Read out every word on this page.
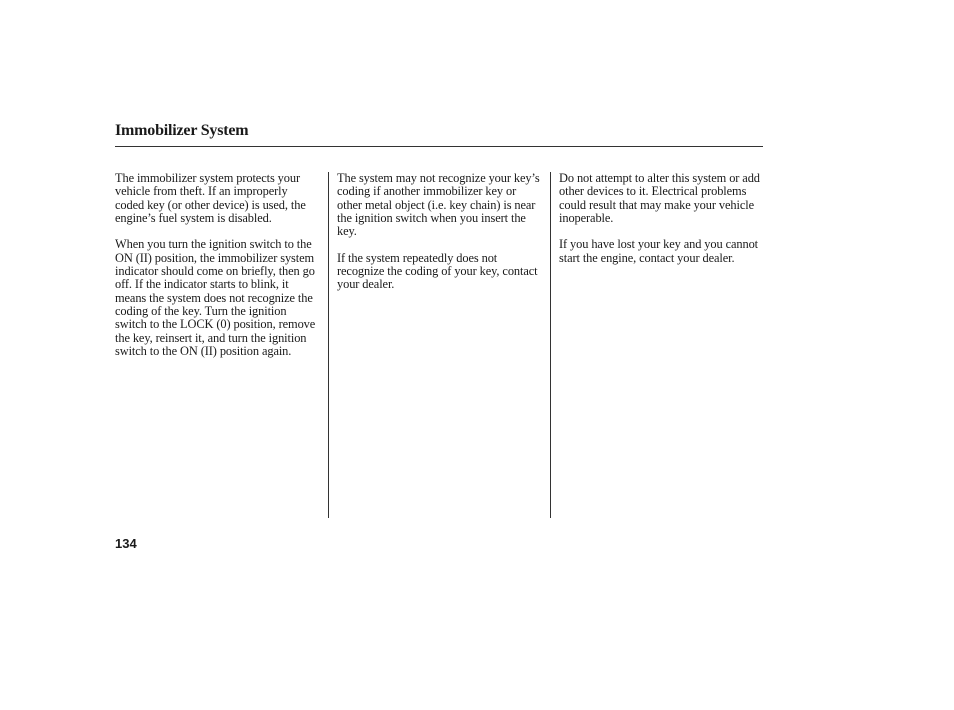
Immobilizer System

The immobilizer system protects your vehicle from theft. If an improperly coded key (or other device) is used, the engine’s fuel system is disabled.

When you turn the ignition switch to the ON (II) position, the immobilizer system indicator should come on briefly, then go off. If the indicator starts to blink, it means the system does not recognize the coding of the key. Turn the ignition switch to the LOCK (0) position, remove the key, reinsert it, and turn the ignition switch to the ON (II) position again.

The system may not recognize your key’s coding if another immobilizer key or other metal object (i.e. key chain) is near the ignition switch when you insert the key.

If the system repeatedly does not recognize the coding of your key, contact your dealer.

Do not attempt to alter this system or add other devices to it. Electrical problems could result that may make your vehicle inoperable.

If you have lost your key and you cannot start the engine, contact your dealer.

134
